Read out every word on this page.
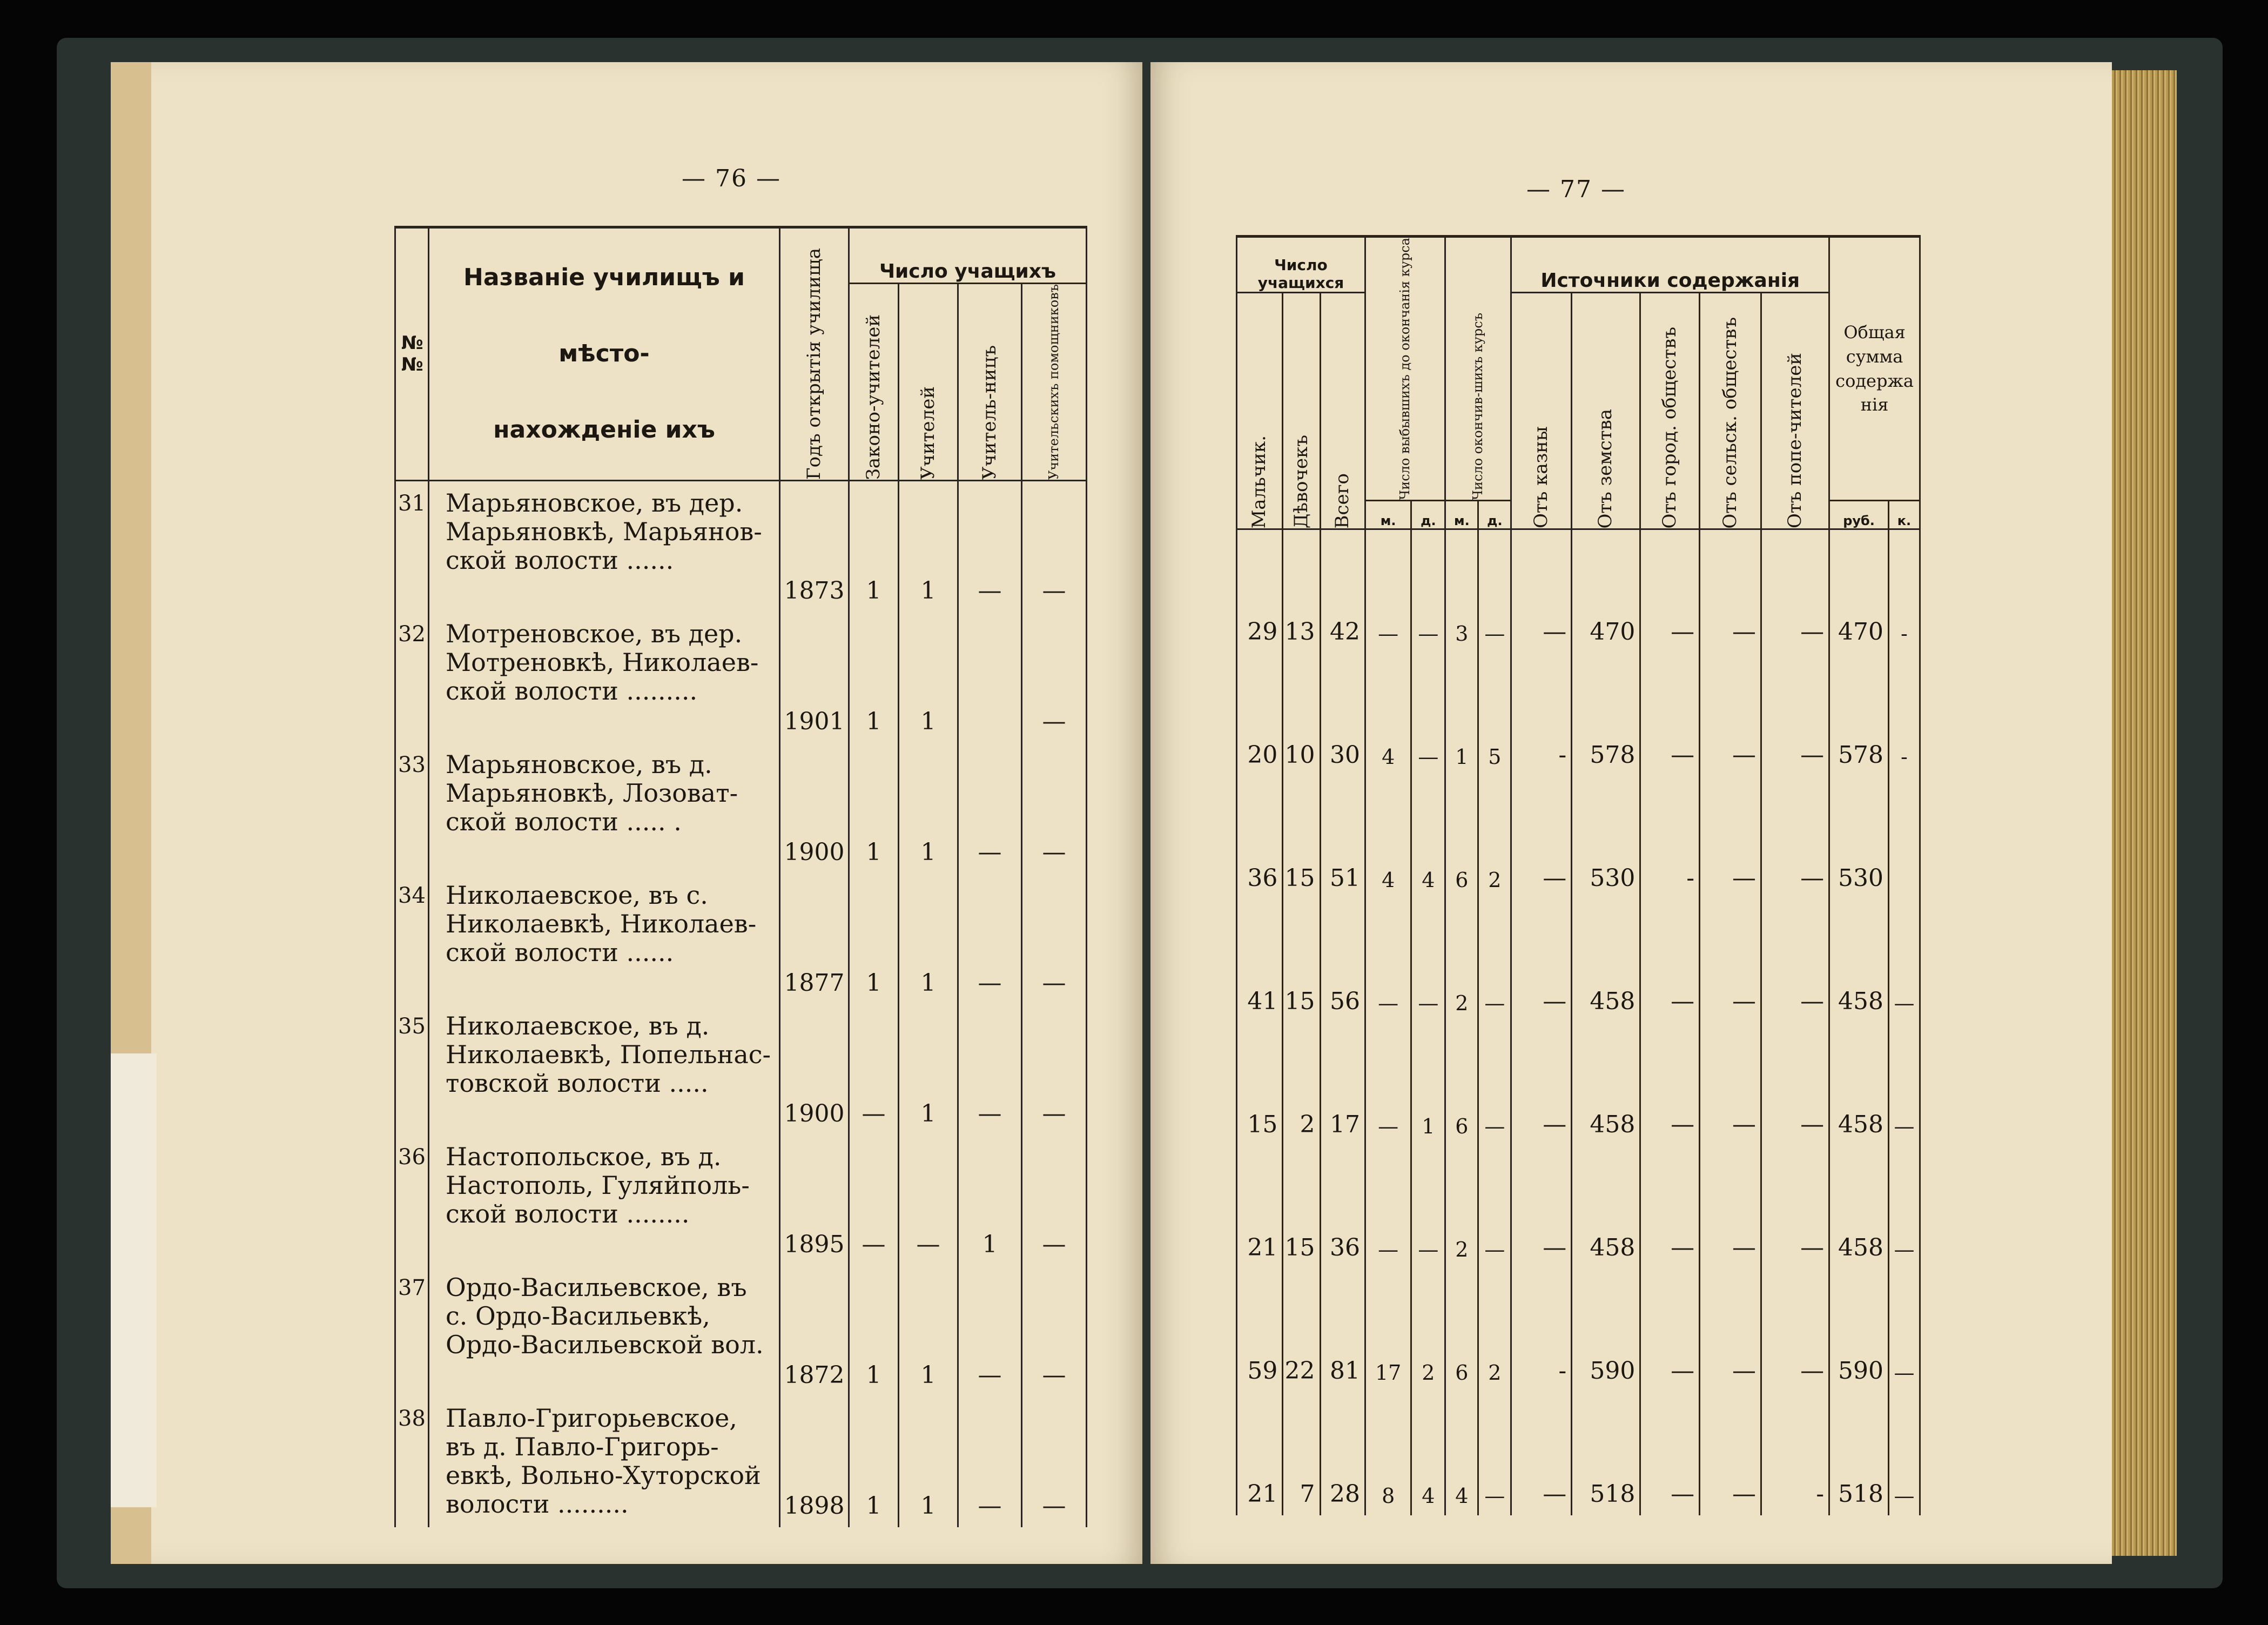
— 76 —	— 77 —
№№	Названіе училищъ и мѣсто-
нахожденіе ихъ	Годъ открытія училища	Число учащихъ			

			Законо-учителей	Учителей	Учитель-ницъ	Учительскихъ помощниковъ

31	Марьяновское, въ дер.
Марьяновкѣ, Марьянов-
ской волости ......	1873	1	1	—	—
32	Мотреновское, въ дер.
Мотреновкѣ, Николаев-
ской волости .........	1901	1	1		—
33	Марьяновское, въ д.
Марьяновкѣ, Лозоват-
ской волости ..... .	1900	1	1	—	—
34	Николаевское, въ с.
Николаевкѣ, Николаев-
ской волости ......	1877	1	1	—	—
35	Николаевское, въ д.
Николаевкѣ, Попельнас-
товской волости .....	1900	—	1	—	—
36	Настопольское, въ д.
Настополь, Гуляйполь-
ской волости ........	1895	—	—	1	—
37	Ордо-Васильевское, въ
с. Ордо-Васильевкѣ,
Ордо-Васильевской вол.	1872	1	1	—	—
38	Павло-Григорьевское,
въ д. Павло-Григорь-
евкѣ, Вольно-Хуторской
волости .........	1898	1	1	—	—
Число учащихся			Число выбывшихъ до окончанія курса		Число окончив-шихъ курсъ		Источники содержанія					Общая сумма содержа нія	

Мальчик.	Дѣвочекъ	Всего					Отъ казны	Отъ земства	Отъ город. обществъ	Отъ сельск. обществъ	Отъ попе-чителей		

			м.	д.	м.	д.						руб.	к.
29	13	42	—	—	3	—	—	470	—	—	—	470	-
20	10	30	4	—	1	5	-	578	—	—	—	578	-
36	15	51	4	4	6	2	—	530	-	—	—	530	
41	15	56	—	—	2	—	—	458	—	—	—	458	—
15	2	17	—	1	6	—	—	458	—	—	—	458	—
21	15	36	—	—	2	—	—	458	—	—	—	458	—
59	22	81	17	2	6	2	-	590	—	—	—	590	—
21	7	28	8	4	4	—	—	518	—	—	-	518	—
